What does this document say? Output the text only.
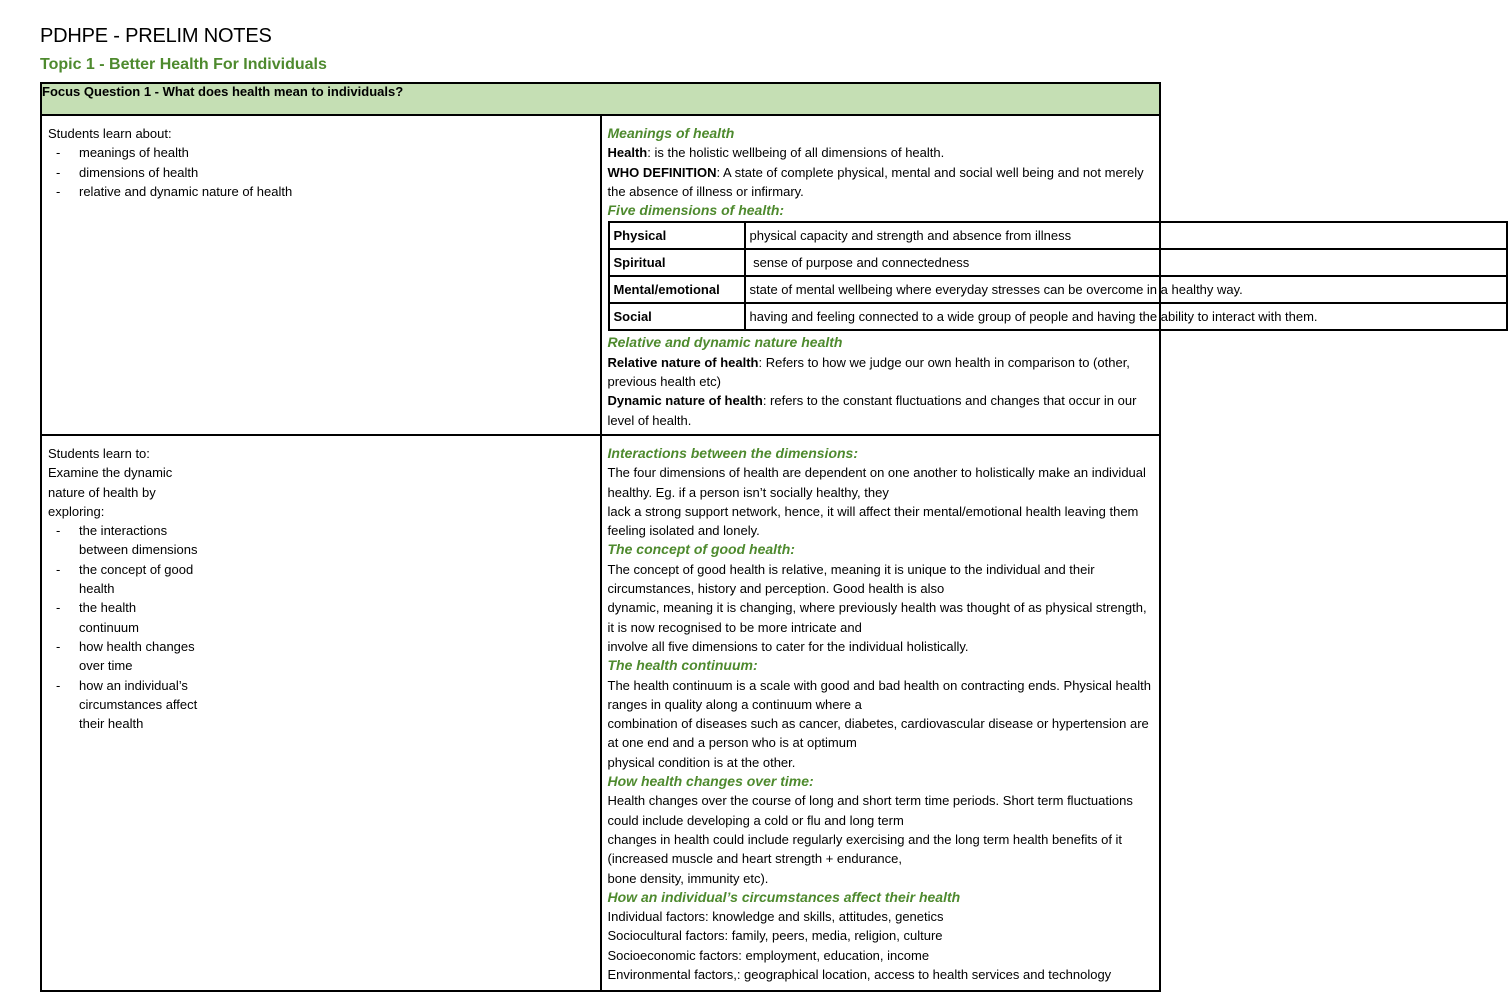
PDHPE - PRELIM NOTES
Topic 1 - Better Health For Individuals
Focus Question 1 - What does health mean to individuals?

Students learn about:
- meanings of health
- dimensions of health
- relative and dynamic nature of health

Meanings of health
Health: is the holistic wellbeing of all dimensions of health.
WHO DEFINITION: A state of complete physical, mental and social well being and not merely the absence of illness or infirmary.
Five dimensions of health:
Physical	physical capacity and strength and absence from illness
Spiritual	sense of purpose and connectedness
Mental/emotional	state of mental wellbeing where everyday stresses can be overcome in a healthy way.
Social	having and feeling connected to a wide group of people and having the ability to interact with them.
Relative and dynamic nature health
Relative nature of health: Refers to how we judge our own health in comparison to (other, previous health etc)
Dynamic nature of health: refers to the constant fluctuations and changes that occur in our level of health.

Students learn to:
Examine the dynamic
nature of health by
exploring:
- the interactions
between dimensions
- the concept of good
health
- the health
continuum
- how health changes
over time
- how an individual’s
circumstances affect
their health

Interactions between the dimensions:
The four dimensions of health are dependent on one another to holistically make an individual healthy. Eg. if a person isn’t socially healthy, they
lack a strong support network, hence, it will affect their mental/emotional health leaving them feeling isolated and lonely.
The concept of good health:
The concept of good health is relative, meaning it is unique to the individual and their circumstances, history and perception. Good health is also
dynamic, meaning it is changing, where previously health was thought of as physical strength, it is now recognised to be more intricate and
involve all five dimensions to cater for the individual holistically.
The health continuum:
The health continuum is a scale with good and bad health on contracting ends. Physical health ranges in quality along a continuum where a
combination of diseases such as cancer, diabetes, cardiovascular disease or hypertension are at one end and a person who is at optimum
physical condition is at the other.
How health changes over time:
Health changes over the course of long and short term time periods. Short term fluctuations could include developing a cold or flu and long term
changes in health could include regularly exercising and the long term health benefits of it (increased muscle and heart strength + endurance,
bone density, immunity etc).
How an individual’s circumstances affect their health
Individual factors: knowledge and skills, attitudes, genetics
Sociocultural factors: family, peers, media, religion, culture
Socioeconomic factors: employment, education, income
Environmental factors,: geographical location, access to health services and technology
